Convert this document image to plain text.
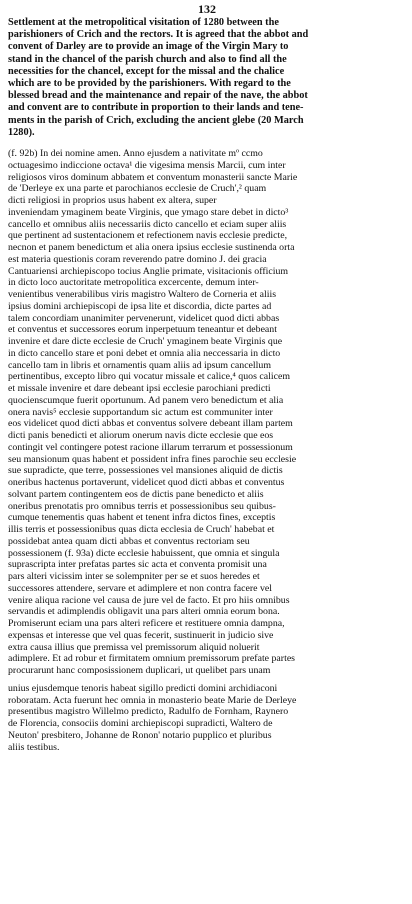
132
Settlement at the metropolitical visitation of 1280 between the
parishioners of Crich and the rectors. It is agreed that the abbot and
convent of Darley are to provide an image of the Virgin Mary to
stand in the chancel of the parish church and also to find all the
necessities for the chancel, except for the missal and the chalice
which are to be provided by the parishioners. With regard to the
blessed bread and the maintenance and repair of the nave, the abbot
and convent are to contribute in proportion to their lands and tene-
ments in the parish of Crich, excluding the ancient glebe (20 March
1280).
(f. 92b) In dei nomine amen. Anno ejusdem a nativitate mº ccmo
octuagesimo indiccione octava¹ die vigesima mensis Marcii, cum inter
religiosos viros dominum abbatem et conventum monasterii sancte Marie
de 'Derleye ex una parte et parochianos ecclesie de Cruch',² quam
dicti religiosi in proprios usus habent ex altera, super
inveniendam ymaginem beate Virginis, que ymago stare debet in dicto³
cancello et omnibus aliis necessariis dicto cancello et eciam super aliis
que pertinent ad sustentacionem et refectionem navis ecclesie predicte,
necnon et panem benedictum et alia onera ipsius ecclesie sustinenda orta
est materia questionis coram reverendo patre domino J. dei gracia
Cantuariensi archiepiscopo tocius Anglie primate, visitacionis officium
in dicto loco auctoritate metropolitica excercente, demum inter-
venientibus venerabilibus viris magistro Waltero de Corneria et aliis
ipsius domini archiepiscopi de ipsa lite et discordia, dicte partes ad
talem concordiam unanimiter pervenerunt, videlicet quod dicti abbas
et conventus et successores eorum inperpetuum teneantur et debeant
invenire et dare dicte ecclesie de Cruch' ymaginem beate Virginis que
in dicto cancello stare et poni debet et omnia alia neccessaria in dicto
cancello tam in libris et ornamentis quam aliis ad ipsum cancellum
pertinentibus, excepto libro qui vocatur missale et calice,⁴ quos calicem
et missale invenire et dare debeant ipsi ecclesie parochiani predicti
quocienscumque fuerit oportunum. Ad panem vero benedictum et alia
onera navis⁵ ecclesie supportandum sic actum est communiter inter
eos videlicet quod dicti abbas et conventus solvere debeant illam partem
dicti panis benedicti et aliorum onerum navis dicte ecclesie que eos
contingit vel contingere potest racione illarum terrarum et possessionum
seu mansionum quas habent et possident infra fines parochie seu ecclesie
sue supradicte, que terre, possessiones vel mansiones aliquid de dictis
oneribus hactenus portaverunt, videlicet quod dicti abbas et conventus
solvant partem contingentem eos de dictis pane benedicto et aliis
oneribus prenotatis pro omnibus terris et possessionibus seu quibus-
cumque tenementis quas habent et tenent infra dictos fines, exceptis
illis terris et possessionibus quas dicta ecclesia de Cruch' habebat et
possidebat antea quam dicti abbas et conventus rectoriam seu
possessionem (f. 93a) dicte ecclesie habuissent, que omnia et singula
suprascripta inter prefatas partes sic acta et conventa promisit una
pars alteri vicissim inter se solempniter per se et suos heredes et
successores attendere, servare et adimplere et non contra facere vel
venire aliqua racione vel causa de jure vel de facto. Et pro hiis omnibus
servandis et adimplendis obligavit una pars alteri omnia eorum bona.
Promiserunt eciam una pars alteri reficere et restituere omnia dampna,
expensas et interesse que vel quas fecerit, sustinuerit in judicio sive
extra causa illius que premissa vel premissorum aliquid noluerit
adimplere. Et ad robur et firmitatem omnium premissorum prefate partes
procurarunt hanc composissionem duplicari, ut quelibet pars unam
unius ejusdemque tenoris habeat sigillo predicti domini archidiaconi
roboratam. Acta fuerunt hec omnia in monasterio beate Marie de Derleye
presentibus magistro Willelmo predicto, Radulfo de Fornham, Raynero
de Florencia, consociis domini archiepiscopi supradicti, Waltero de
Neuton' presbitero, Johanne de Ronon' notario pupplico et pluribus
aliis testibus.
